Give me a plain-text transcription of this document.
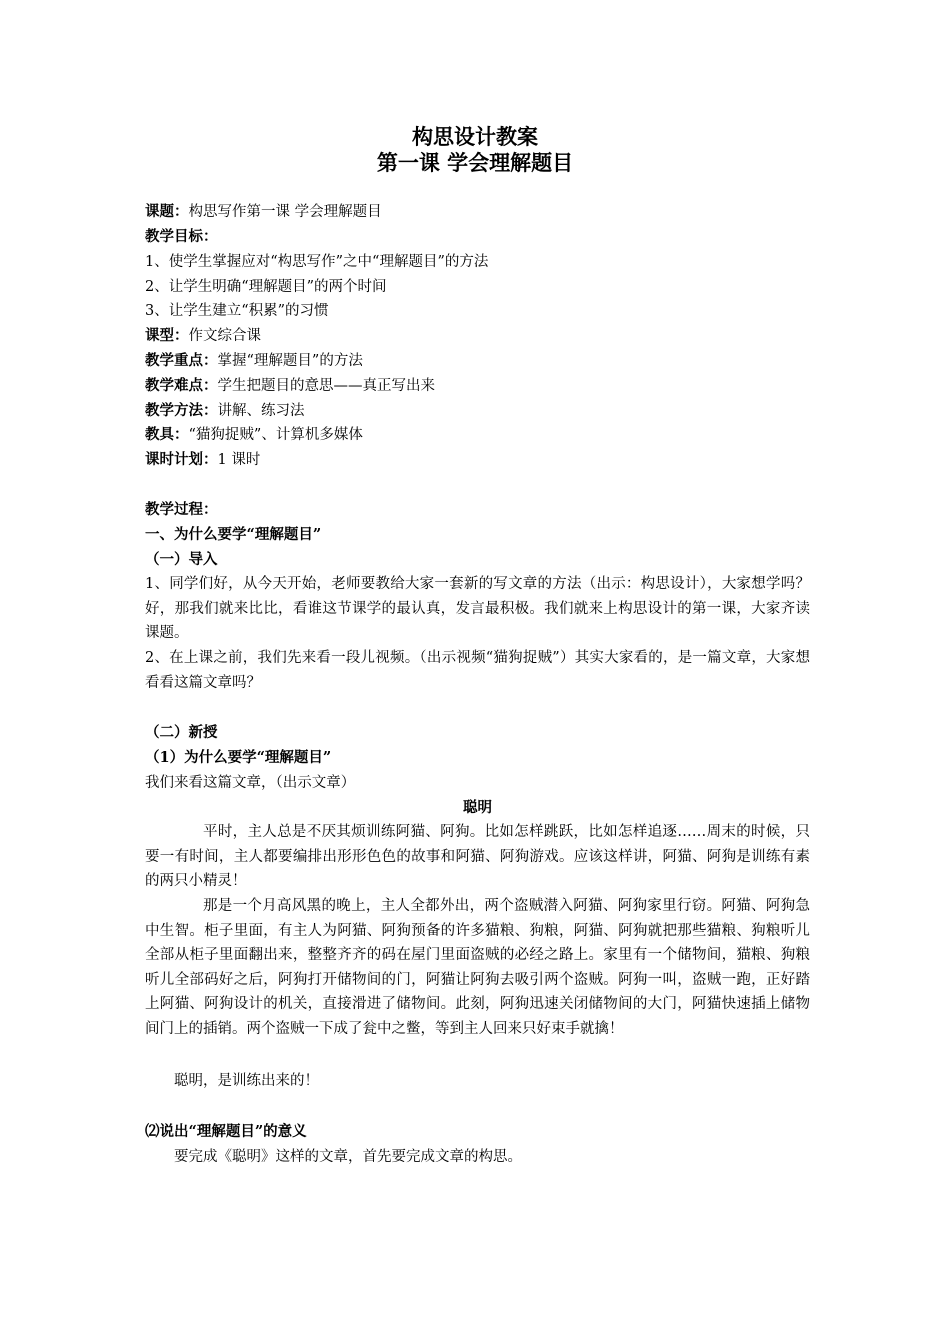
构思设计教案
第一课 学会理解题目
课题：构思写作第一课 学会理解题目
教学目标：
1、使学生掌握应对“构思写作”之中“理解题目”的方法
2、让学生明确“理解题目”的两个时间
3、让学生建立“积累”的习惯
课型：作文综合课
教学重点：掌握“理解题目”的方法
教学难点：学生把题目的意思——真正写出来
教学方法：讲解、练习法
教具：“猫狗捉贼”、计算机多媒体
课时计划：1 课时
教学过程：
一、为什么要学“理解题目”
（一）导入
1、同学们好，从今天开始，老师要教给大家一套新的写文章的方法（出示：构思设计），大家想学吗？好，那我们就来比比，看谁这节课学的最认真，发言最积极。我们就来上构思设计的第一课，大家齐读课题。
2、在上课之前，我们先来看一段儿视频。（出示视频“猫狗捉贼”）其实大家看的，是一篇文章，大家想看看这篇文章吗？
（二）新授
（1）为什么要学“理解题目”
我们来看这篇文章，（出示文章）
聪明
平时，主人总是不厌其烦训练阿猫、阿狗。比如怎样跳跃，比如怎样追逐……周末的时候，只要一有时间，主人都要编排出形形色色的故事和阿猫、阿狗游戏。应该这样讲，阿猫、阿狗是训练有素的两只小精灵！
那是一个月高风黑的晚上，主人全都外出，两个盗贼潜入阿猫、阿狗家里行窃。阿猫、阿狗急中生智。柜子里面，有主人为阿猫、阿狗预备的许多猫粮、狗粮，阿猫、阿狗就把那些猫粮、狗粮听儿全部从柜子里面翻出来，整整齐齐的码在屋门里面盗贼的必经之路上。家里有一个储物间，猫粮、狗粮听儿全部码好之后，阿狗打开储物间的门，阿猫让阿狗去吸引两个盗贼。阿狗一叫，盗贼一跑，正好踏上阿猫、阿狗设计的机关，直接滑进了储物间。此刻，阿狗迅速关闭储物间的大门，阿猫快速插上储物间门上的插销。两个盗贼一下成了瓮中之鳖，等到主人回来只好束手就擒！
聪明，是训练出来的！
⑵说出“理解题目”的意义
要完成《聪明》这样的文章，首先要完成文章的构思。
